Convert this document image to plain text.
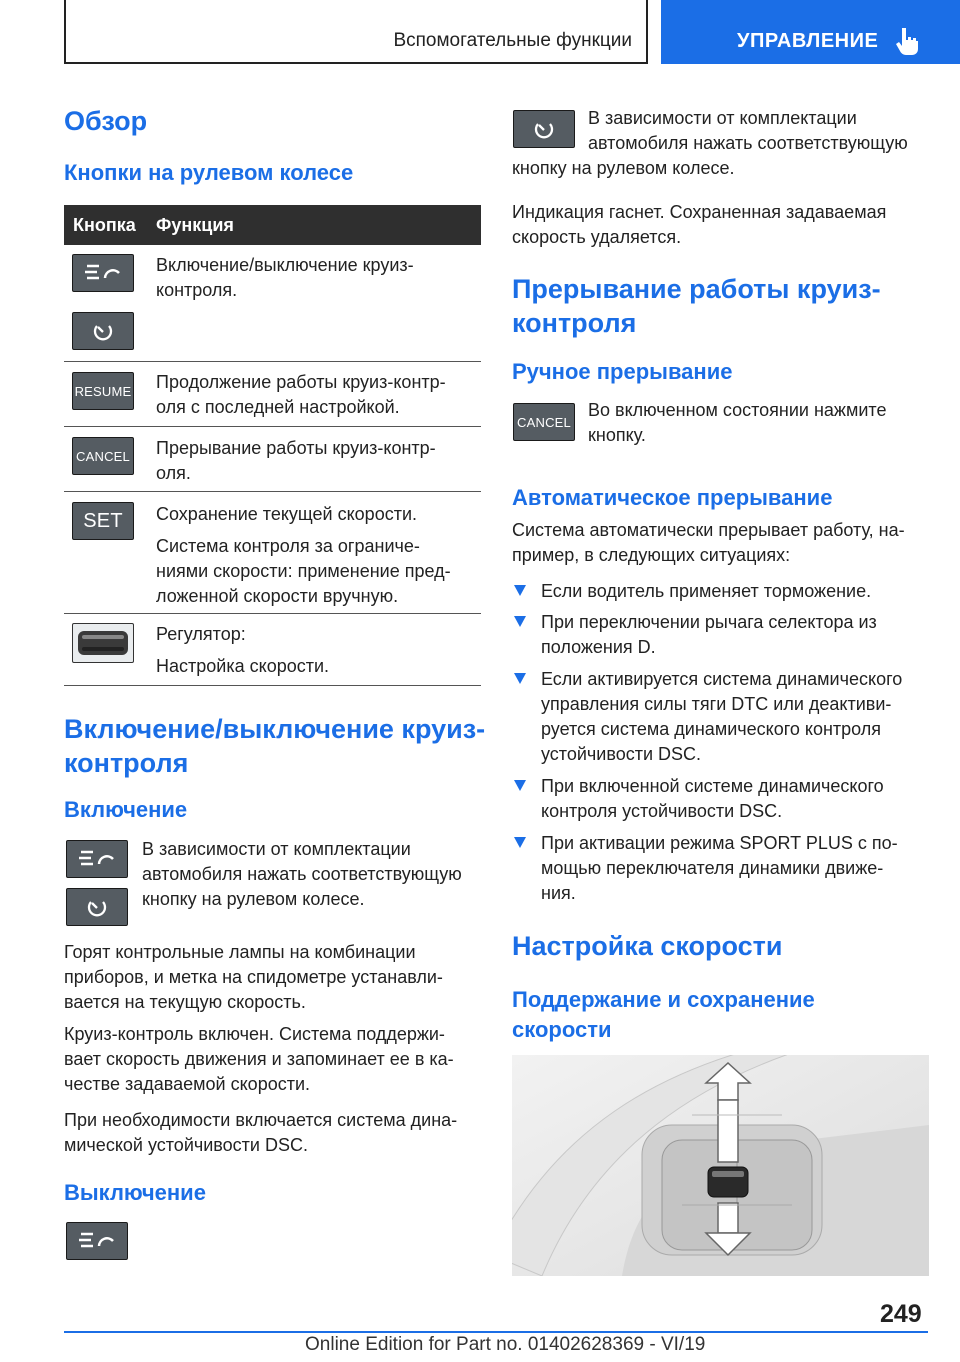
Вспомогательные функции	УПРАВЛЕНИЕ
Обзор
Кнопки на рулевом колесе
Кнопка Функция
Включение/выключение круиз-
контроля.
RESUME Продолжение работы круиз-контр-
оля с последней настройкой.
CANCEL Прерывание работы круиз-контр-
оля.
SET Сохранение текущей скорости.
Система контроля за ограниче-
ниями скорости: применение пред-
ложенной скорости вручную.
Регулятор:
Настройка скорости.
Включение/выключение круиз-
контроля
Включение
В зависимости от комплектации
автомобиля нажать соответствующую
кнопку на рулевом колесе.
Горят контрольные лампы на комбинации
приборов, и метка на спидометре устанавли-
вается на текущую скорость.
Круиз-контроль включен. Система поддержи-
вает скорость движения и запоминает ее в ка-
честве задаваемой скорости.
При необходимости включается система дина-
мической устойчивости DSC.
Выключение
В зависимости от комплектации
автомобиля нажать соответствующую
кнопку на рулевом колесе.
Индикация гаснет. Сохраненная задаваемая
скорость удаляется.
Прерывание работы круиз-
контроля
Ручное прерывание
CANCEL
Во включенном состоянии нажмите
кнопку.
Автоматическое прерывание
Система автоматически прерывает работу, на-
пример, в следующих ситуациях:
Если водитель применяет торможение.
При переключении рычага селектора из
положения D.
Если активируется система динамического
управления силы тяги DTC или деактиви-
руется система динамического контроля
устойчивости DSC.
При включенной системе динамического
контроля устойчивости DSC.
При активации режима SPORT PLUS с по-
мощью переключателя динамики движе-
ния.
Настройка скорости
Поддержание и сохранение
скорости
249
Online Edition for Part no. 01402628369 - VI/19
